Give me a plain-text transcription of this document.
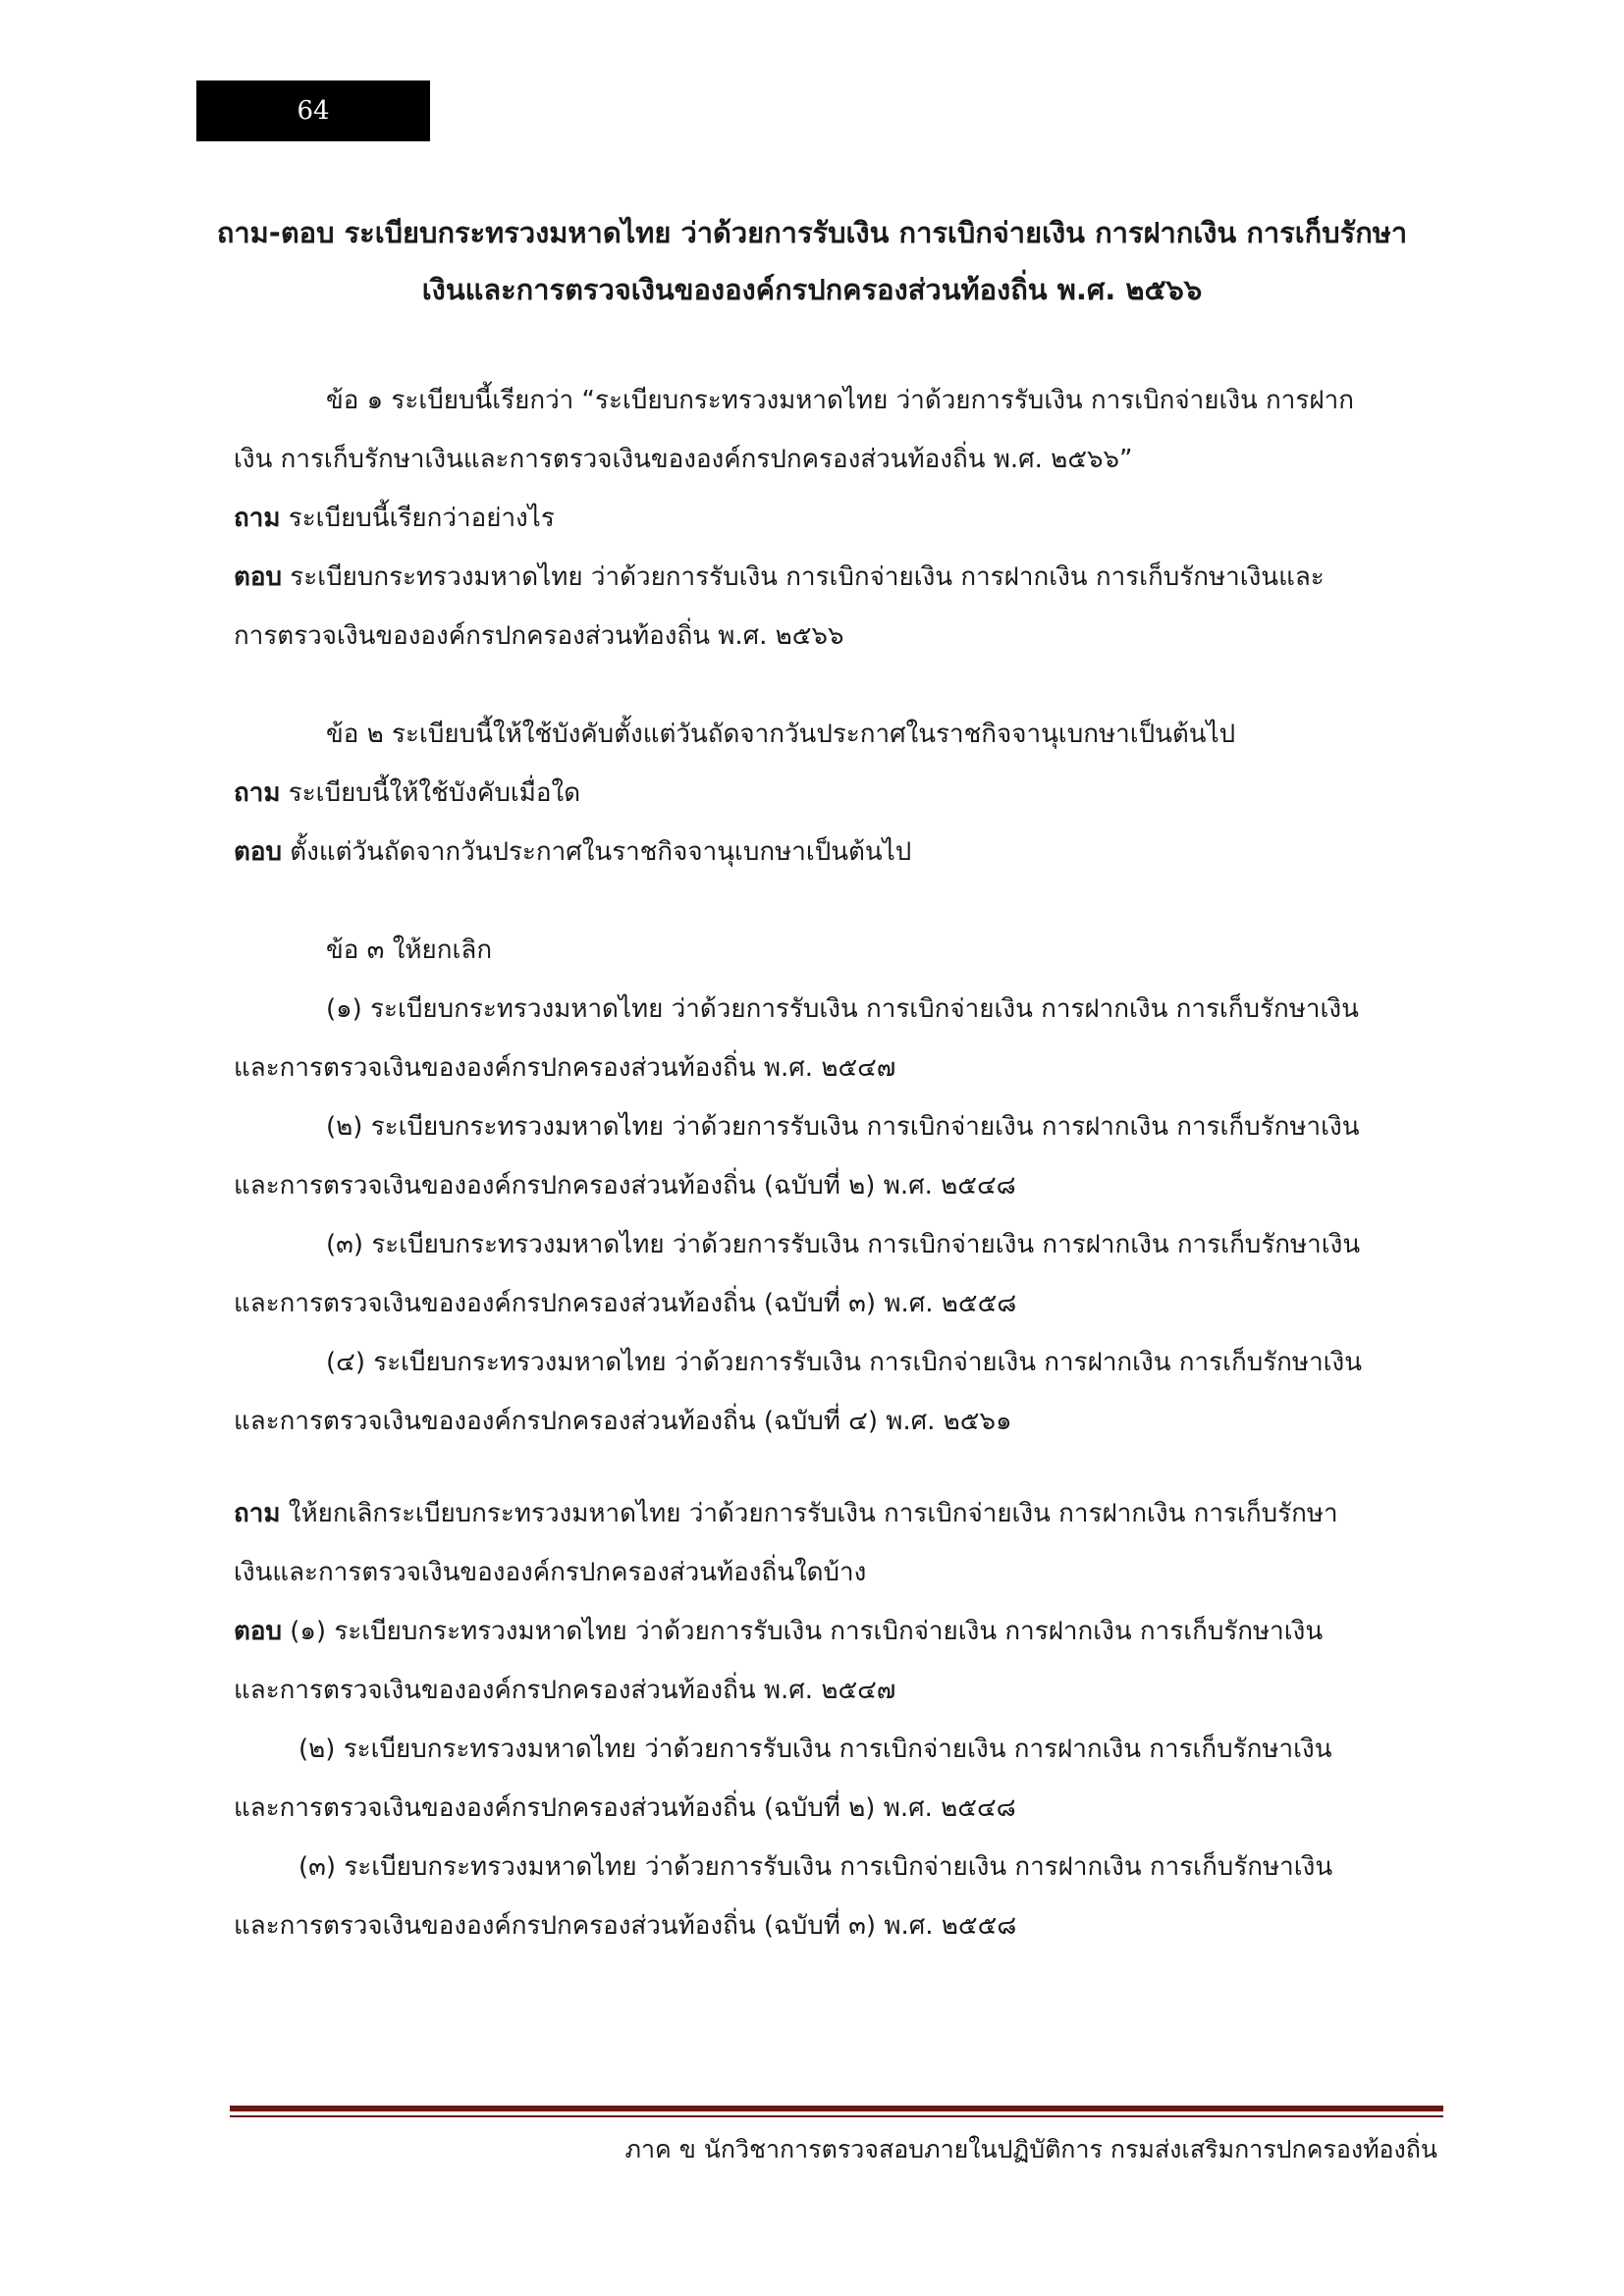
64
ถาม-ตอบ ระเบียบกระทรวงมหาดไทย ว่าด้วยการรับเงิน การเบิกจ่ายเงิน การฝากเงิน การเก็บรักษา
เงินและการตรวจเงินขององค์กรปกครองส่วนท้องถิ่น พ.ศ. ๒๕๖๖
ข้อ ๑ ระเบียบนี้เรียกว่า “ระเบียบกระทรวงมหาดไทย ว่าด้วยการรับเงิน การเบิกจ่ายเงิน การฝาก
เงิน การเก็บรักษาเงินและการตรวจเงินขององค์กรปกครองส่วนท้องถิ่น พ.ศ. ๒๕๖๖”
ถาม ระเบียบนี้เรียกว่าอย่างไร
ตอบ ระเบียบกระทรวงมหาดไทย ว่าด้วยการรับเงิน การเบิกจ่ายเงิน การฝากเงิน การเก็บรักษาเงินและ
การตรวจเงินขององค์กรปกครองส่วนท้องถิ่น พ.ศ. ๒๕๖๖
ข้อ ๒ ระเบียบนี้ให้ใช้บังคับตั้งแต่วันถัดจากวันประกาศในราชกิจจานุเบกษาเป็นต้นไป
ถาม ระเบียบนี้ให้ใช้บังคับเมื่อใด
ตอบ ตั้งแต่วันถัดจากวันประกาศในราชกิจจานุเบกษาเป็นต้นไป
ข้อ ๓ ให้ยกเลิก
(๑) ระเบียบกระทรวงมหาดไทย ว่าด้วยการรับเงิน การเบิกจ่ายเงิน การฝากเงิน การเก็บรักษาเงิน
และการตรวจเงินขององค์กรปกครองส่วนท้องถิ่น พ.ศ. ๒๕๔๗
(๒) ระเบียบกระทรวงมหาดไทย ว่าด้วยการรับเงิน การเบิกจ่ายเงิน การฝากเงิน การเก็บรักษาเงิน
และการตรวจเงินขององค์กรปกครองส่วนท้องถิ่น (ฉบับที่ ๒) พ.ศ. ๒๕๔๘
(๓) ระเบียบกระทรวงมหาดไทย ว่าด้วยการรับเงิน การเบิกจ่ายเงิน การฝากเงิน การเก็บรักษาเงิน
และการตรวจเงินขององค์กรปกครองส่วนท้องถิ่น (ฉบับที่ ๓) พ.ศ. ๒๕๕๘
(๔) ระเบียบกระทรวงมหาดไทย ว่าด้วยการรับเงิน การเบิกจ่ายเงิน การฝากเงิน การเก็บรักษาเงิน
และการตรวจเงินขององค์กรปกครองส่วนท้องถิ่น (ฉบับที่ ๔) พ.ศ. ๒๕๖๑
ถาม ให้ยกเลิกระเบียบกระทรวงมหาดไทย ว่าด้วยการรับเงิน การเบิกจ่ายเงิน การฝากเงิน การเก็บรักษา
เงินและการตรวจเงินขององค์กรปกครองส่วนท้องถิ่นใดบ้าง
ตอบ (๑) ระเบียบกระทรวงมหาดไทย ว่าด้วยการรับเงิน การเบิกจ่ายเงิน การฝากเงิน การเก็บรักษาเงิน
และการตรวจเงินขององค์กรปกครองส่วนท้องถิ่น พ.ศ. ๒๕๔๗
(๒) ระเบียบกระทรวงมหาดไทย ว่าด้วยการรับเงิน การเบิกจ่ายเงิน การฝากเงิน การเก็บรักษาเงิน
และการตรวจเงินขององค์กรปกครองส่วนท้องถิ่น (ฉบับที่ ๒) พ.ศ. ๒๕๔๘
(๓) ระเบียบกระทรวงมหาดไทย ว่าด้วยการรับเงิน การเบิกจ่ายเงิน การฝากเงิน การเก็บรักษาเงิน
และการตรวจเงินขององค์กรปกครองส่วนท้องถิ่น (ฉบับที่ ๓) พ.ศ. ๒๕๕๘
ภาค ข นักวิชาการตรวจสอบภายในปฏิบัติการ กรมส่งเสริมการปกครองท้องถิ่น
